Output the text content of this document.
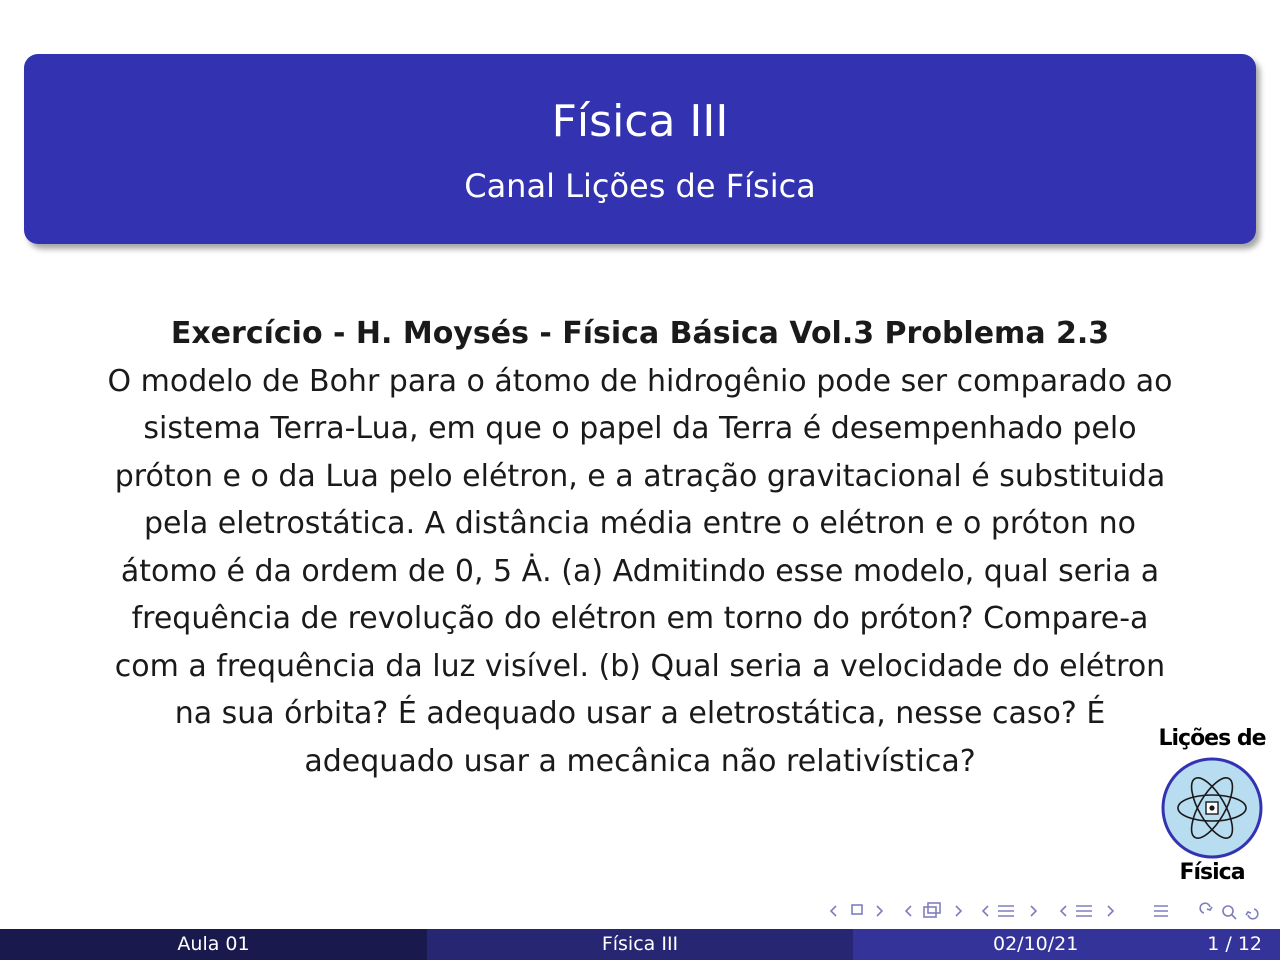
Física III
Canal Lições de Física
Exercício - H. Moysés - Física Básica Vol.3 Problema 2.3
O modelo de Bohr para o átomo de hidrogênio pode ser comparado ao
sistema Terra-Lua, em que o papel da Terra é desempenhado pelo
próton e o da Lua pelo elétron, e a atração gravitacional é substituida
pela eletrostática. A distância média entre o elétron e o próton no
átomo é da ordem de 0, 5 Ȧ. (a) Admitindo esse modelo, qual seria a
frequência de revolução do elétron em torno do próton? Compare-a
com a frequência da luz visível. (b) Qual seria a velocidade do elétron
na sua órbita? É adequado usar a eletrostática, nesse caso? É
adequado usar a mecânica não relativística?
Lições de
Física
Aula 01	Física III	02/10/21	1 / 12
